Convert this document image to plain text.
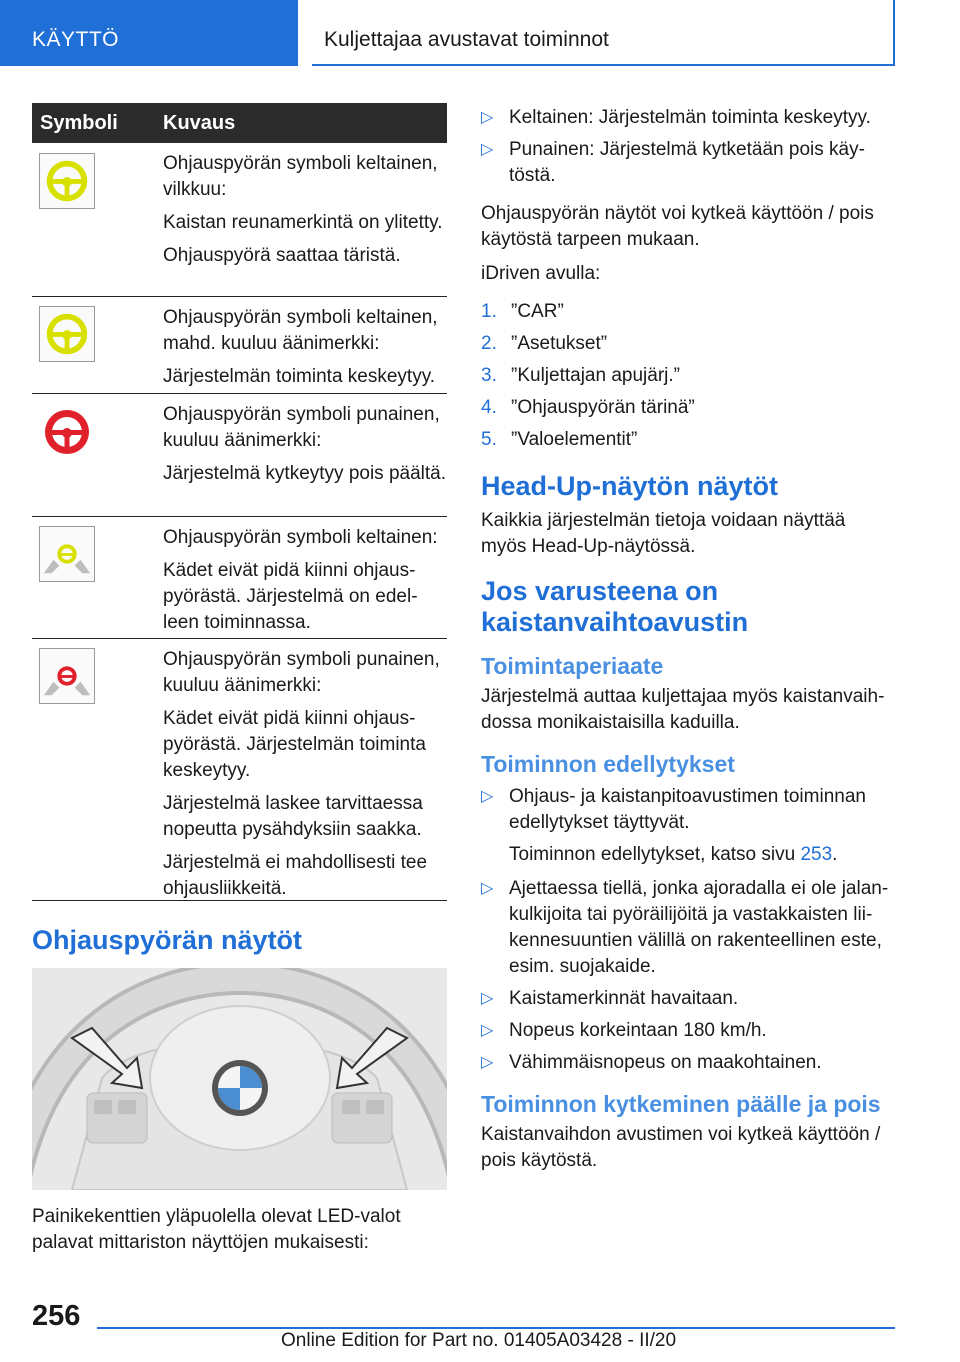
KÄYTTÖ	Kuljettajaa avustavat toiminnot
Symboli Kuvaus

Ohjauspyörän symboli keltainen, vilkkuu:

Kaistan reunamerkintä on ylitetty.

Ohjauspyörä saattaa täristä.

Ohjauspyörän symboli keltainen, mahd. kuuluu äänimerkki:

Järjestelmän toiminta keskeytyy.

Ohjauspyörän symboli punainen, kuuluu äänimerkki:

Järjestelmä kytkeytyy pois päältä.

Ohjauspyörän symboli keltainen:

Kädet eivät pidä kiinni ohjauspyörästä. Järjestelmä on edelleen toiminnassa.

Ohjauspyörän symboli punainen, kuuluu äänimerkki:

Kädet eivät pidä kiinni ohjauspyörästä. Järjestelmän toiminta keskeytyy.

Järjestelmä laskee tarvittaessa nopeutta pysähdyksiin saakka.

Järjestelmä ei mahdollisesti tee ohjausliikkeitä.

Ohjauspyörän näytöt
Painikekenttien yläpuolella olevat LED-valot palavat mittariston näyttöjen mukaisesti:
▷ Keltainen: Järjestelmän toiminta keskeytyy.
▷ Punainen: Järjestelmä kytketään pois käytöstä.
Ohjauspyörän näytöt voi kytkeä käyttöön / pois käytöstä tarpeen mukaan.
iDriven avulla:
1. ”CAR”
2. ”Asetukset”
3. ”Kuljettajan apujärj.”
4. ”Ohjauspyörän tärinä”
5. ”Valoelementit”
Head-Up-näytön näytöt
Kaikkia järjestelmän tietoja voidaan näyttää myös Head-Up-näytössä.
Jos varusteena on kaistanvaihtoavustin
Toimintaperiaate
Järjestelmä auttaa kuljettajaa myös kaistanvaihdossa monikaistaisilla kaduilla.
Toiminnon edellytykset
▷ Ohjaus- ja kaistanpitoavustimen toiminnan edellytykset täyttyvät.
Toiminnon edellytykset, katso sivu 253.
▷ Ajettaessa tiellä, jonka ajoradalla ei ole jalankulkijoita tai pyöräilijöitä ja vastakkaisten liikennesuuntien välillä on rakenteellinen este, esim. suojakaide.
▷ Kaistamerkinnät havaitaan.
▷ Nopeus korkeintaan 180 km/h.
▷ Vähimmäisnopeus on maakohtainen.
Toiminnon kytkeminen päälle ja pois
Kaistanvaihdon avustimen voi kytkeä käyttöön / pois käytöstä.
256
Online Edition for Part no. 01405A03428 - II/20
